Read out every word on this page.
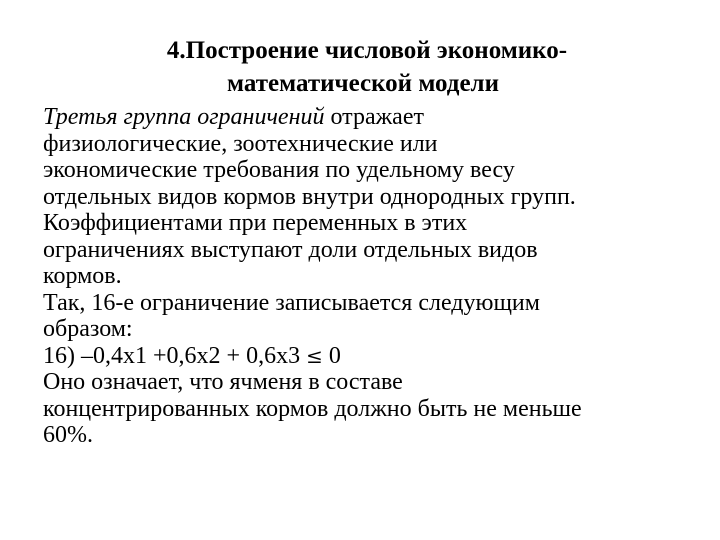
4.Построение числовой экономико-
математической модели

Третья группа ограничений отражает
физиологические, зоотехнические или
экономические требования по удельному весу
отдельных видов кормов внутри однородных групп.
Коэффициентами при переменных в этих
ограничениях выступают доли отдельных видов
кормов.

Так, 16-е ограничение записывается следующим
образом:

16) –0,4х1 +0,6х2 + 0,6х3 ≤ 0

Оно означает, что ячменя в составе
концентрированных кормов должно быть не меньше
60%.
